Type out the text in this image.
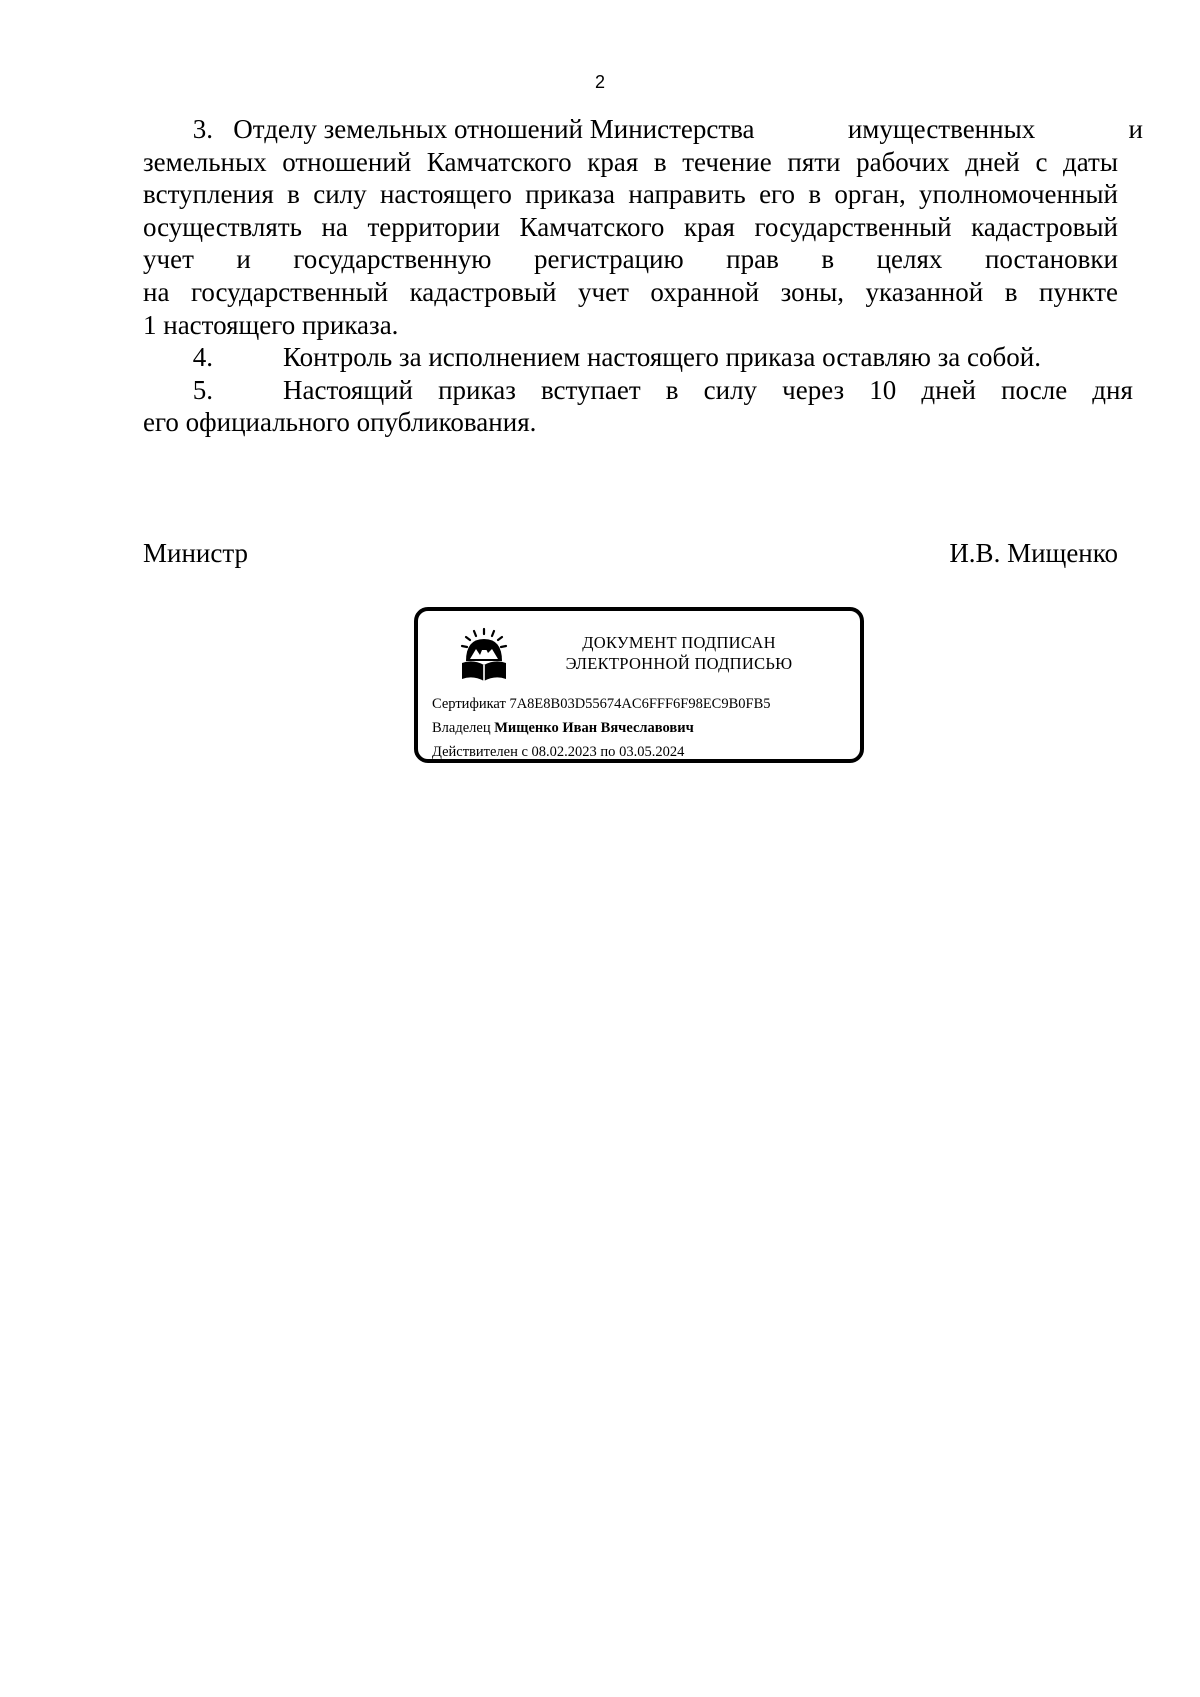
2
3. Отделу земельных отношений Министерства	имущественных	и
земельных отношений Камчатского края в течение пяти рабочих дней с даты
вступления в силу настоящего приказа направить его в орган, уполномоченный
осуществлять на территории Камчатского края государственный кадастровый
учет и государственную регистрацию прав в целях постановки
на государственный кадастровый учет охранной зоны, указанной в пункте
1 настоящего приказа.
4.	Контроль за исполнением настоящего приказа оставляю за собой.
5.	Настоящий приказ вступает в силу через 10 дней после дня
его официального опубликования.
Министр	И.В. Мищенко
ДОКУМЕНТ ПОДПИСАН
ЭЛЕКТРОННОЙ ПОДПИСЬЮ
Сертификат 7A8E8B03D55674AC6FFF6F98EC9B0FB5
Владелец Мищенко Иван Вячеславович
Действителен с 08.02.2023 по 03.05.2024
